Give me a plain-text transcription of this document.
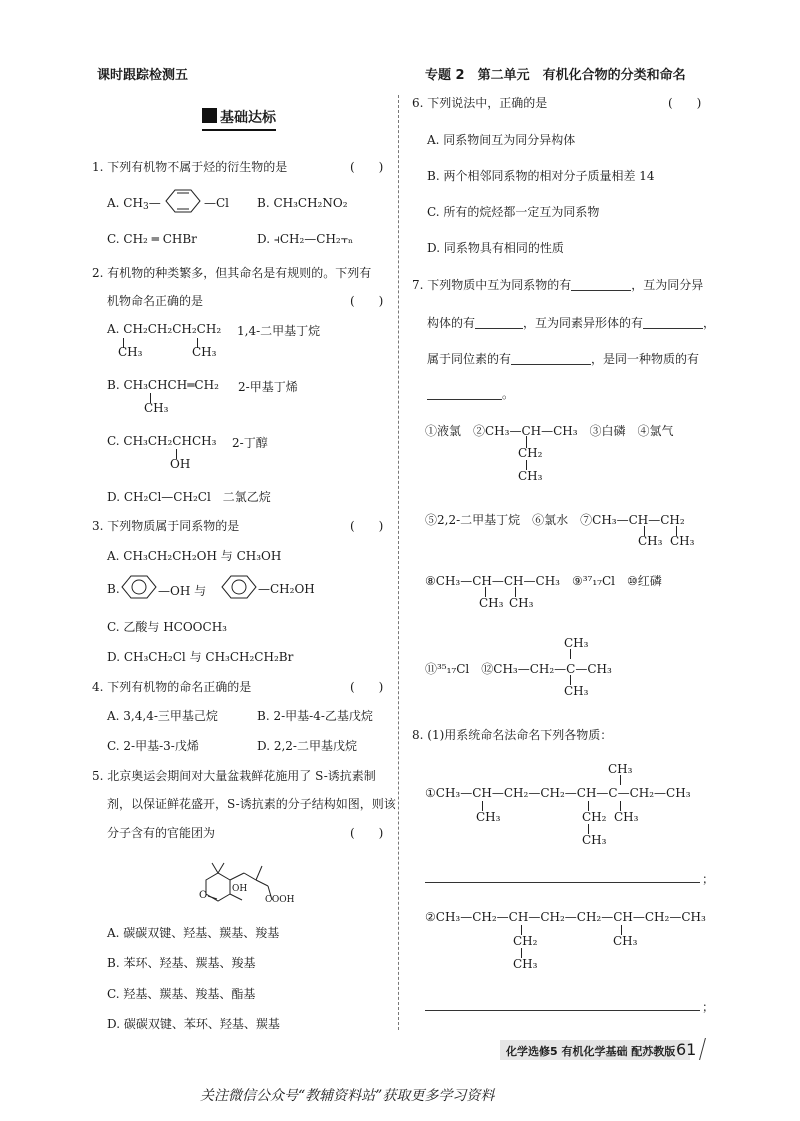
课时跟踪检测五	专题 2　第二单元　有机化合物的分类和命名
基础达标
1. 下列有机物不属于烃的衍生物的是	(　　)
A. $CH_3—$	—Cl B. CH₃CH₂NO₂
C. CH₂ ═ CHBr	D. ⫞CH₂—CH₂⫟ₙ
2. 有机物的种类繁多，但其命名是有规则的。下列有
机物命名正确的是	(　　)
A. CH₂CH₂CH₂CH₂
CH₃	CH₃
1,4-二甲基丁烷
B. CH₃CHCH═CH₂
CH₃
2-甲基丁烯
C. CH₃CH₂CHCH₃
OH
2-丁醇
D. CH₂Cl—CH₂Cl　二氯乙烷
3. 下列物质属于同系物的是	(　　)
A. CH₃CH₂CH₂OH 与 CH₃OH
B.	—OH 与	—CH₂OH
C. 乙酸与 HCOOCH₃
D. CH₃CH₂Cl 与 CH₃CH₂CH₂Br
4. 下列有机物的命名正确的是	(　　)
A. 3,4,4-三甲基己烷	B. 2-甲基-4-乙基戊烷
C. 2-甲基-3-戊烯	D. 2,2-二甲基戊烷
5. 北京奥运会期间对大量盆栽鲜花施用了 S-诱抗素制
剂，以保证鲜花盛开，S-诱抗素的分子结构如图，则该
分子含有的官能团为	(　　)
O
OH
COOH
A. 碳碳双键、羟基、羰基、羧基
B. 苯环、羟基、羰基、羧基
C. 羟基、羰基、羧基、酯基
D. 碳碳双键、苯环、羟基、羰基
6. 下列说法中，正确的是	(　　)
A. 同系物间互为同分异构体
B. 两个相邻同系物的相对分子质量相差 14
C. 所有的烷烃都一定互为同系物
D. 同系物具有相同的性质
7. 下列物质中互为同系物的有	，互为同分异
构体的有	，互为同素异形体的有	，
属于同位素的有	，是同一种物质的有
。
①液氯　②CH₃—CH—CH₃　③白磷　④氯气
CH₂
CH₃
⑤2,2-二甲基丁烷　⑥氯水　⑦CH₃—CH—CH₂
CH₃ CH₃
⑧CH₃—CH—CH—CH₃　⑨³⁷₁₇Cl　⑩红磷
CH₃ CH₃
CH₃
⑪³⁵₁₇Cl　⑫CH₃—CH₂—C—CH₃
CH₃
8. (1)用系统命名法命名下列各物质：
CH₃
①CH₃—CH—CH₂—CH₂—CH—C—CH₂—CH₃
CH₃	CH₂ CH₃
CH₃
；
②CH₃—CH₂—CH—CH₂—CH₂—CH—CH₂—CH₃
CH₂	CH₃
CH₃
；
化学选修5 有机化学基础 配苏教版 61
关注微信公众号“教辅资料站”获取更多学习资料
